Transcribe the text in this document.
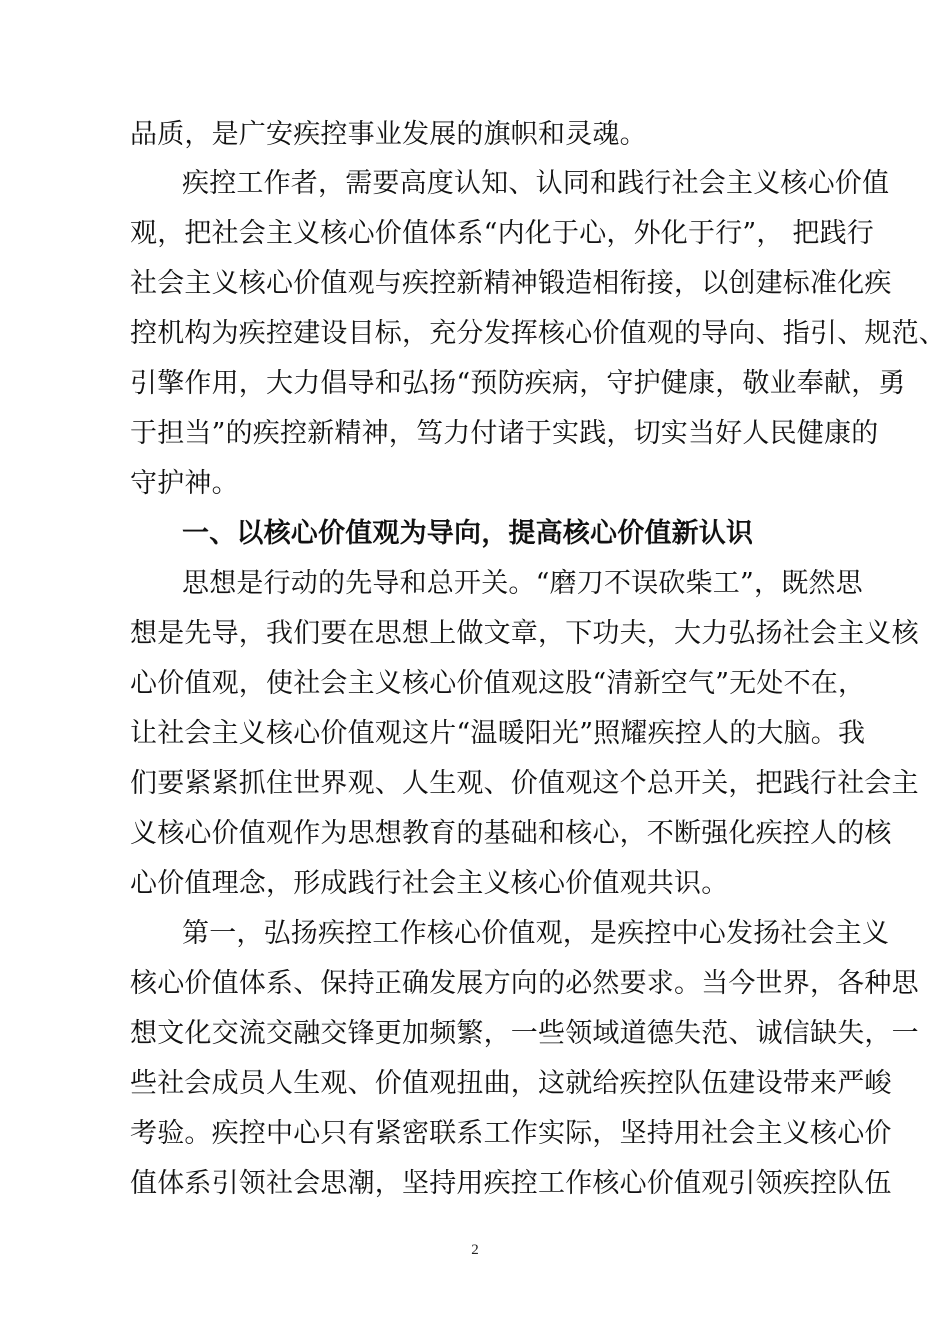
品质，是广安疾控事业发展的旗帜和灵魂。
疾控工作者，需要高度认知、认同和践行社会主义核心价值
观，把社会主义核心价值体系“内化于心，外化于行”， 把践行
社会主义核心价值观与疾控新精神锻造相衔接，以创建标准化疾
控机构为疾控建设目标，充分发挥核心价值观的导向、指引、规范、
引擎作用，大力倡导和弘扬“预防疾病，守护健康，敬业奉献，勇
于担当”的疾控新精神，笃力付诸于实践，切实当好人民健康的
守护神。
一、以核心价值观为导向，提高核心价值新认识
思想是行动的先导和总开关。“磨刀不误砍柴工”，既然思
想是先导，我们要在思想上做文章，下功夫，大力弘扬社会主义核
心价值观，使社会主义核心价值观这股“清新空气”无处不在，
让社会主义核心价值观这片“温暖阳光”照耀疾控人的大脑。我
们要紧紧抓住世界观、人生观、价值观这个总开关，把践行社会主
义核心价值观作为思想教育的基础和核心，不断强化疾控人的核
心价值理念，形成践行社会主义核心价值观共识。
第一，弘扬疾控工作核心价值观，是疾控中心发扬社会主义
核心价值体系、保持正确发展方向的必然要求。当今世界，各种思
想文化交流交融交锋更加频繁，一些领域道德失范、诚信缺失，一
些社会成员人生观、价值观扭曲，这就给疾控队伍建设带来严峻
考验。疾控中心只有紧密联系工作实际，坚持用社会主义核心价
值体系引领社会思潮，坚持用疾控工作核心价值观引领疾控队伍
2
